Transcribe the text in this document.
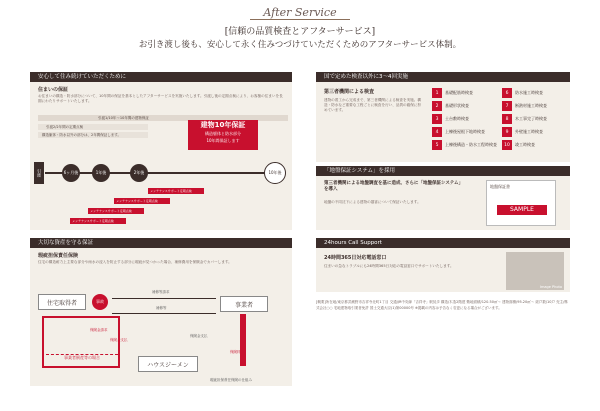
After Service
[信頼の品質検査とアフターサービス]
お引き渡し後も、安心して永く住みつづけていただくためのアフターサービス体制。
安心して住み続けていただくために
住まいの保証
お住まいの構造・防水部分について、10年間の保証を基本としたアフターサービスを実施いたします。引渡し後の定期点検により、お客様の住まいを長期にわたりサポートいたします。
引渡1/10年〜10年間の建物保証
引渡2/2年間の定期点検
構造躯体・防水以外の部分は、2年間保証します。
建物10年保証
構造躯体と防水部分
10年間保証します
引渡	6ヶ月後	1年後	2年後	10年後
メンテナンスサポート定期点検
メンテナンスサポート定期点検
メンテナンスサポート定期点検
メンテナンスサポート定期点検
国で定めた検査以外に3〜4回実施
第三者機関による検査
建物の着工から完成まで、第三者機関による検査を実施。構造・防水など重要な工程ごとに検査を行い、品質の確保に努めています。
1	基礎配筋時検査
2	基礎形状検査
3	土台敷時検査
4	上棟後屋根下地時検査
5	上棟後構造・防水工程時検査
6	防水施工時検査
7	断熱材施工時検査
8	木工事完了時検査
9	外壁施工時検査
10	竣工時検査
「地盤保証システム」を採用
第三者機関による地盤調査を基に造成、さらに「地盤保証システム」を導入
地盤の不同沈下による建物の損害について保証いたします。
地盤保証書
SAMPLE
大切な資産を守る保証
瑕疵担保責任保険
住宅の構造耐力上主要な部分や雨水の浸入を防止する部分に瑕疵が見つかった場合、補修費用を保険金でカバーします。
住宅取得者	事故	事業者
補修等請求
補修等
保険金請求
保険金支払
保険金支払
保険料
ハウスジーメン
事業者倒産等の場合
瑕疵担保責任保険の仕組み
24hours Call Support
24時間365日対応電話窓口
住まいの急なトラブルにも24時間365日対応の電話窓口でサポートいたします。
Image Photo
[概要]所在地/東京都武蔵野市吉祥寺北町1丁目 交通/JR中央線「吉祥寺」駅徒歩 構造/木造2階建 敷地面積/120.50㎡〜 建物面積/95.20㎡〜 総戸数/10戸 売主/株式会社○○ 宅地建物取引業者免許 国土交通大臣(1)第00000号 ※掲載の内容は予告なく変更になる場合がございます。
